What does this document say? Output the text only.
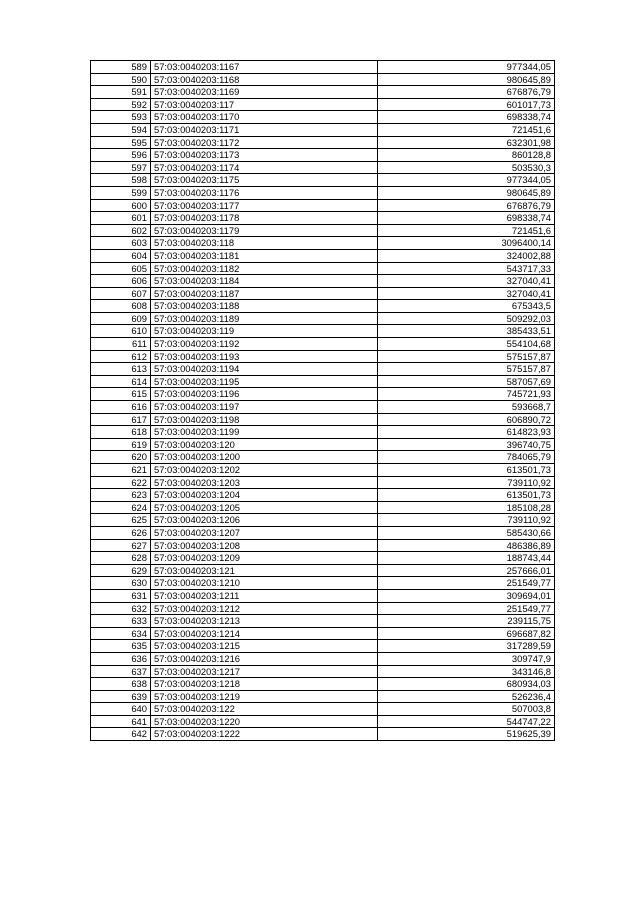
589	57:03:0040203:1167	977344,05
590	57:03:0040203:1168	980645,89
591	57:03:0040203:1169	676876,79
592	57:03:0040203:117	601017,73
593	57:03:0040203:1170	698338,74
594	57:03:0040203:1171	721451,6
595	57:03:0040203:1172	632301,98
596	57:03:0040203:1173	860128,8
597	57:03:0040203:1174	503530,3
598	57:03:0040203:1175	977344,05
599	57:03:0040203:1176	980645,89
600	57:03:0040203:1177	676876,79
601	57:03:0040203:1178	698338,74
602	57:03:0040203:1179	721451,6
603	57:03:0040203:118	3096400,14
604	57:03:0040203:1181	324002,88
605	57:03:0040203:1182	543717,33
606	57:03:0040203:1184	327040,41
607	57:03:0040203:1187	327040,41
608	57:03:0040203:1188	675343,5
609	57:03:0040203:1189	509292,03
610	57:03:0040203:119	385433,51
611	57:03:0040203:1192	554104,68
612	57:03:0040203:1193	575157,87
613	57:03:0040203:1194	575157,87
614	57:03:0040203:1195	587057,69
615	57:03:0040203:1196	745721,93
616	57:03:0040203:1197	593668,7
617	57:03:0040203:1198	606890,72
618	57:03:0040203:1199	614823,93
619	57:03:0040203:120	396740,75
620	57:03:0040203:1200	784065,79
621	57:03:0040203:1202	613501,73
622	57:03:0040203:1203	739110,92
623	57:03:0040203:1204	613501,73
624	57:03:0040203:1205	185108,28
625	57:03:0040203:1206	739110,92
626	57:03:0040203:1207	585430,66
627	57:03:0040203:1208	486386,89
628	57:03:0040203:1209	188743,44
629	57:03:0040203:121	257666,01
630	57:03:0040203:1210	251549,77
631	57:03:0040203:1211	309694,01
632	57:03:0040203:1212	251549,77
633	57:03:0040203:1213	239115,75
634	57:03:0040203:1214	696687,82
635	57:03:0040203:1215	317289,59
636	57:03:0040203:1216	309747,9
637	57:03:0040203:1217	343146,8
638	57:03:0040203:1218	680934,03
639	57:03:0040203:1219	526236,4
640	57:03:0040203:122	507003,8
641	57:03:0040203:1220	544747,22
642	57:03:0040203:1222	519625,39
